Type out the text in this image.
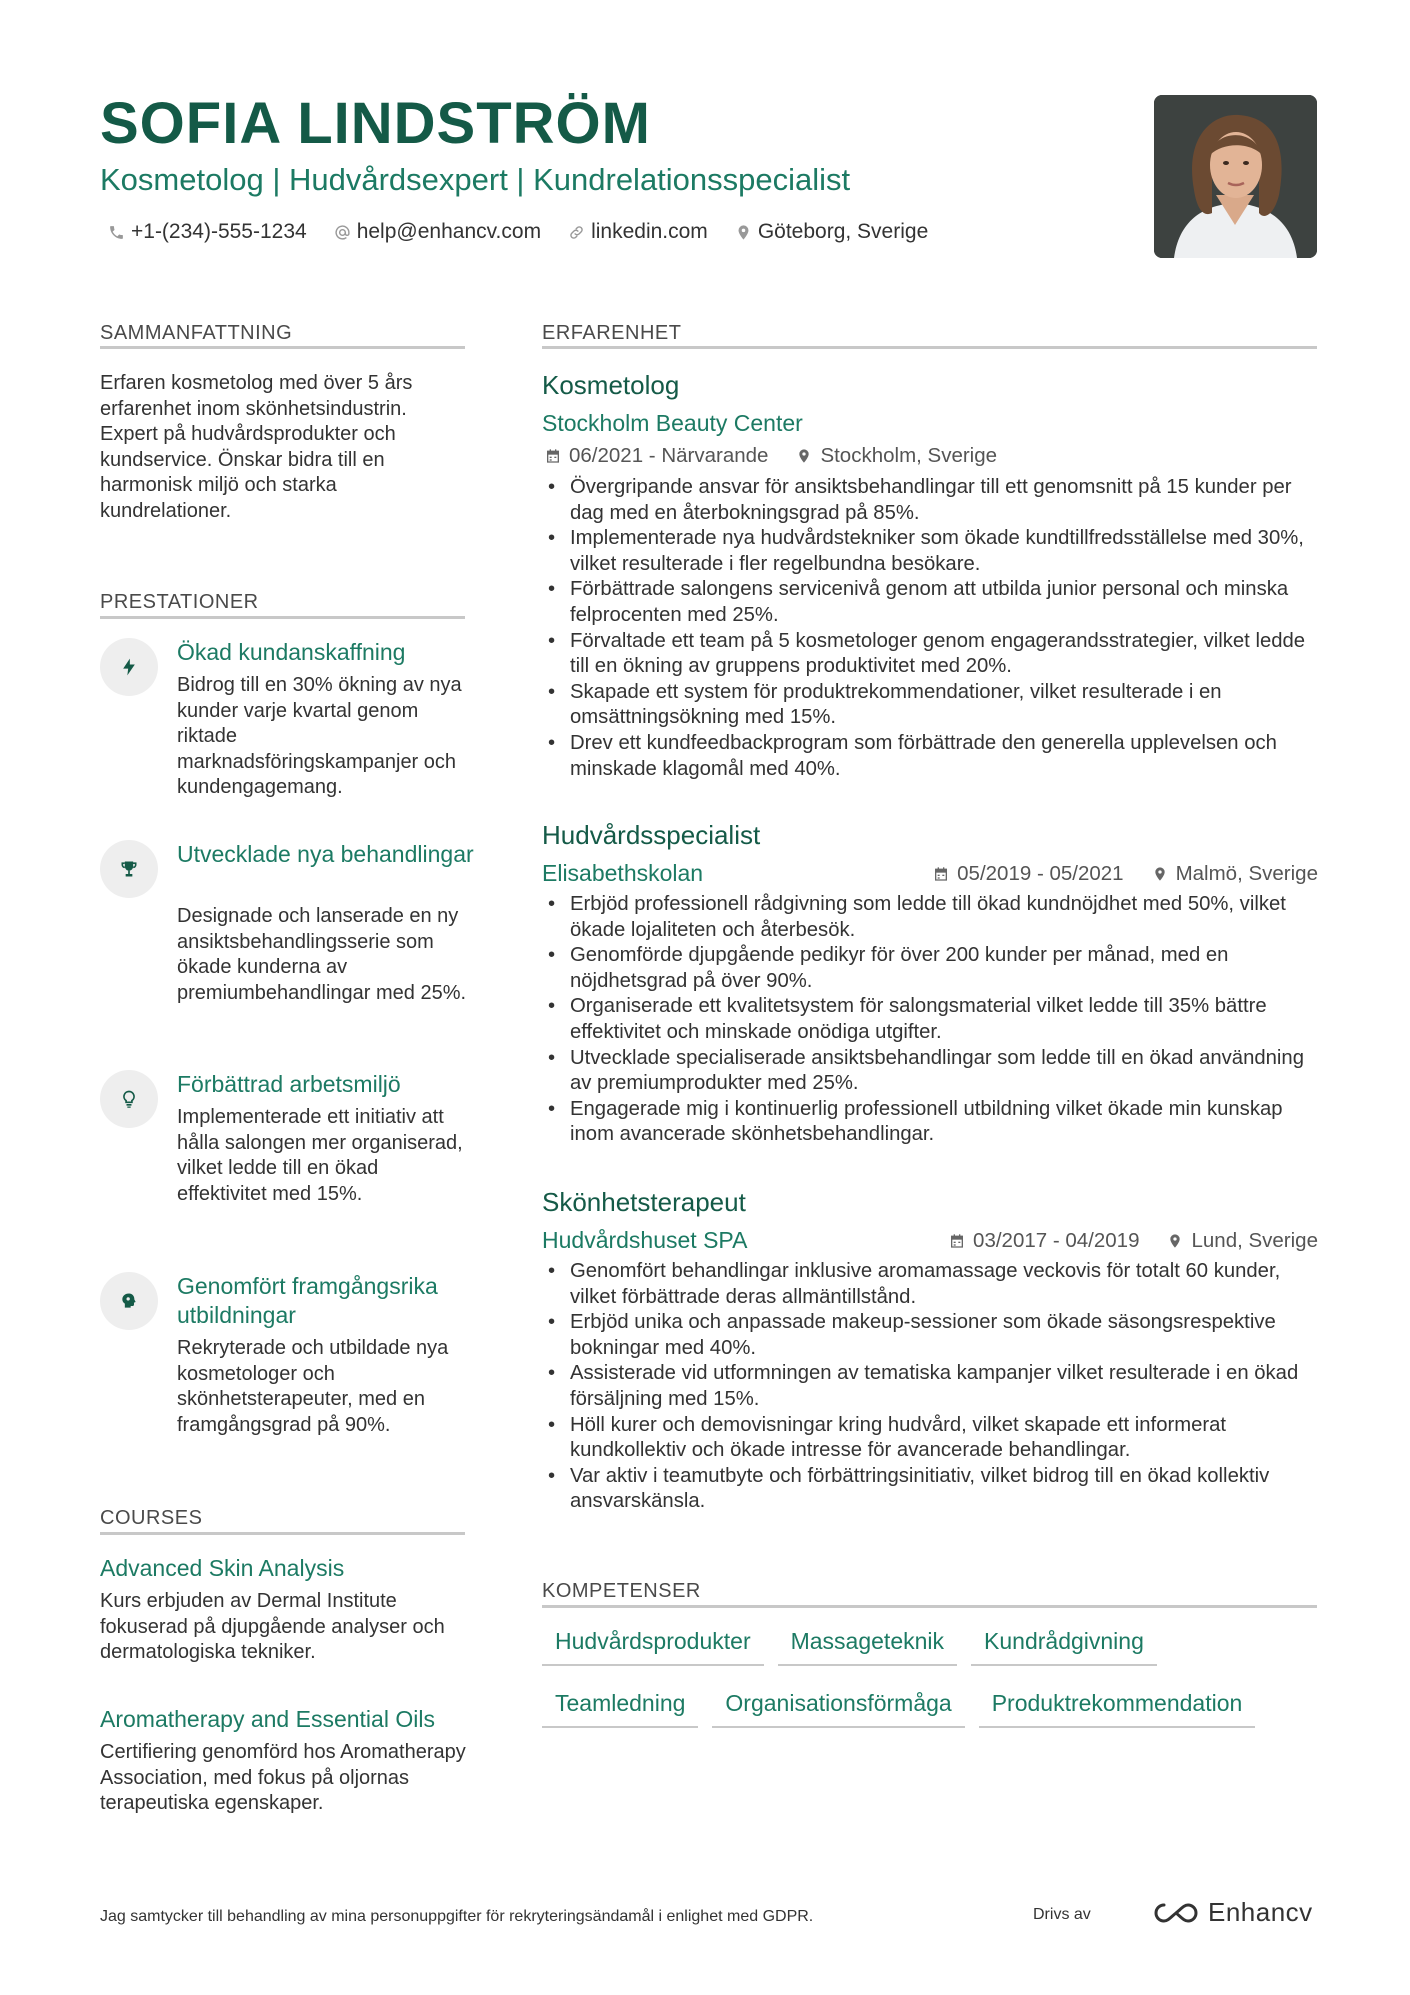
SOFIA LINDSTRÖM
Kosmetolog | Hudvårdsexpert | Kundrelationsspecialist
+1-(234)-555-1234 help@enhancv.com linkedin.com Göteborg, Sverige
SAMMANFATTNING

Erfaren kosmetolog med över 5 års erfarenhet inom skönhetsindustrin. Expert på hudvårdsprodukter och kundservice. Önskar bidra till en harmonisk miljö och starka kundrelationer.

PRESTATIONER
Ökad kundanskaffning
Bidrog till en 30% ökning av nya kunder varje kvartal genom riktade marknadsföringskampanjer och kundengagemang.
Utvecklade nya behandlingar
Designade och lanserade en ny ansiktsbehandlingsserie som ökade kunderna av premiumbehandlingar med 25%.
Förbättrad arbetsmiljö
Implementerade ett initiativ att hålla salongen mer organiserad, vilket ledde till en ökad effektivitet med 15%.
Genomfört framgångsrika utbildningar
Rekryterade och utbildade nya kosmetologer och skönhetsterapeuter, med en framgångsgrad på 90%.
COURSES
Advanced Skin Analysis
Kurs erbjuden av Dermal Institute fokuserad på djupgående analyser och dermatologiska tekniker.
Aromatherapy and Essential Oils
Certifiering genomförd hos Aromatherapy Association, med fokus på oljornas terapeutiska egenskaper.
ERFARENHET
Kosmetolog
Stockholm Beauty Center
06/2021 - Närvarande	Stockholm, Sverige
• Övergripande ansvar för ansiktsbehandlingar till ett genomsnitt på 15 kunder per dag med en återbokningsgrad på 85%.
• Implementerade nya hudvårdstekniker som ökade kundtillfredsställelse med 30%, vilket resulterade i fler regelbundna besökare.
• Förbättrade salongens servicenivå genom att utbilda junior personal och minska felprocenten med 25%.
• Förvaltade ett team på 5 kosmetologer genom engagerandsstrategier, vilket ledde till en ökning av gruppens produktivitet med 20%.
• Skapade ett system för produktrekommendationer, vilket resulterade i en omsättningsökning med 15%.
• Drev ett kundfeedbackprogram som förbättrade den generella upplevelsen och minskade klagomål med 40%.
Hudvårdsspecialist
Elisabethskolan	05/2019 - 05/2021	Malmö, Sverige
• Erbjöd professionell rådgivning som ledde till ökad kundnöjdhet med 50%, vilket ökade lojaliteten och återbesök.
• Genomförde djupgående pedikyr för över 200 kunder per månad, med en nöjdhetsgrad på över 90%.
• Organiserade ett kvalitetsystem för salongsmaterial vilket ledde till 35% bättre effektivitet och minskade onödiga utgifter.
• Utvecklade specialiserade ansiktsbehandlingar som ledde till en ökad användning av premiumprodukter med 25%.
• Engagerade mig i kontinuerlig professionell utbildning vilket ökade min kunskap inom avancerade skönhetsbehandlingar.
Skönhetsterapeut
Hudvårdshuset SPA	03/2017 - 04/2019	Lund, Sverige
• Genomfört behandlingar inklusive aromamassage veckovis för totalt 60 kunder, vilket förbättrade deras allmäntillstånd.
• Erbjöd unika och anpassade makeup-sessioner som ökade säsongsrespektive bokningar med 40%.
• Assisterade vid utformningen av tematiska kampanjer vilket resulterade i en ökad försäljning med 15%.
• Höll kurer och demovisningar kring hudvård, vilket skapade ett informerat kundkollektiv och ökade intresse för avancerade behandlingar.
• Var aktiv i teamutbyte och förbättringsinitiativ, vilket bidrog till en ökad kollektiv ansvarskänsla.
KOMPETENSER
Hudvårdsprodukter	Massageteknik	Kundrådgivning
Teamledning	Organisationsförmåga	Produktrekommendation
Jag samtycker till behandling av mina personuppgifter för rekryteringsändamål i enlighet med GDPR.	Drivs av	Enhancv
